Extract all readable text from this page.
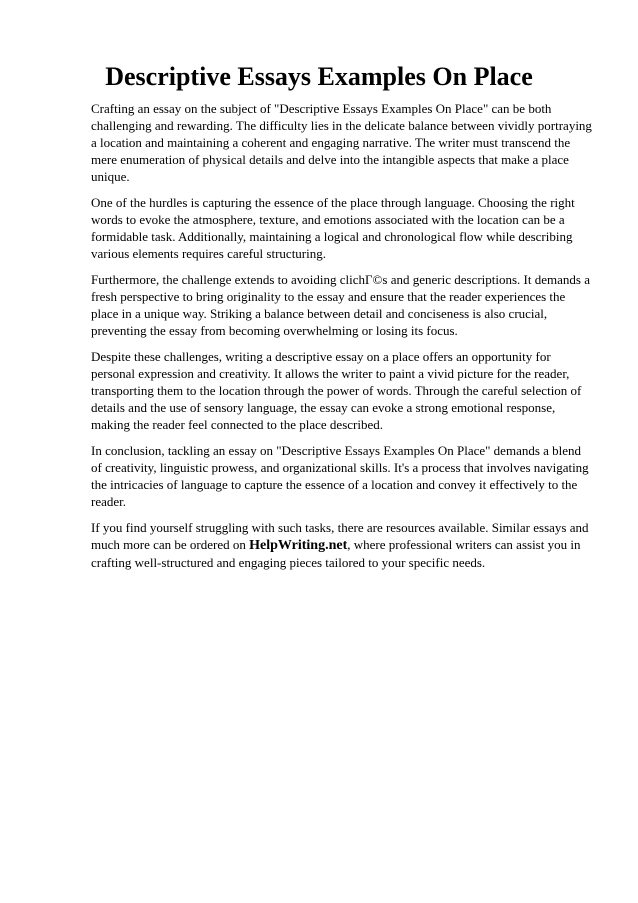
Descriptive Essays Examples On Place

Crafting an essay on the subject of "Descriptive Essays Examples On Place" can be both challenging and rewarding. The difficulty lies in the delicate balance between vividly portraying a location and maintaining a coherent and engaging narrative. The writer must transcend the mere enumeration of physical details and delve into the intangible aspects that make a place unique.

One of the hurdles is capturing the essence of the place through language. Choosing the right words to evoke the atmosphere, texture, and emotions associated with the location can be a formidable task. Additionally, maintaining a logical and chronological flow while describing various elements requires careful structuring.

Furthermore, the challenge extends to avoiding clichΓ©s and generic descriptions. It demands a fresh perspective to bring originality to the essay and ensure that the reader experiences the place in a unique way. Striking a balance between detail and conciseness is also crucial, preventing the essay from becoming overwhelming or losing its focus.

Despite these challenges, writing a descriptive essay on a place offers an opportunity for personal expression and creativity. It allows the writer to paint a vivid picture for the reader, transporting them to the location through the power of words. Through the careful selection of details and the use of sensory language, the essay can evoke a strong emotional response, making the reader feel connected to the place described.

In conclusion, tackling an essay on "Descriptive Essays Examples On Place" demands a blend of creativity, linguistic prowess, and organizational skills. It's a process that involves navigating the intricacies of language to capture the essence of a location and convey it effectively to the reader.

If you find yourself struggling with such tasks, there are resources available. Similar essays and much more can be ordered on HelpWriting.net, where professional writers can assist you in crafting well-structured and engaging pieces tailored to your specific needs.
